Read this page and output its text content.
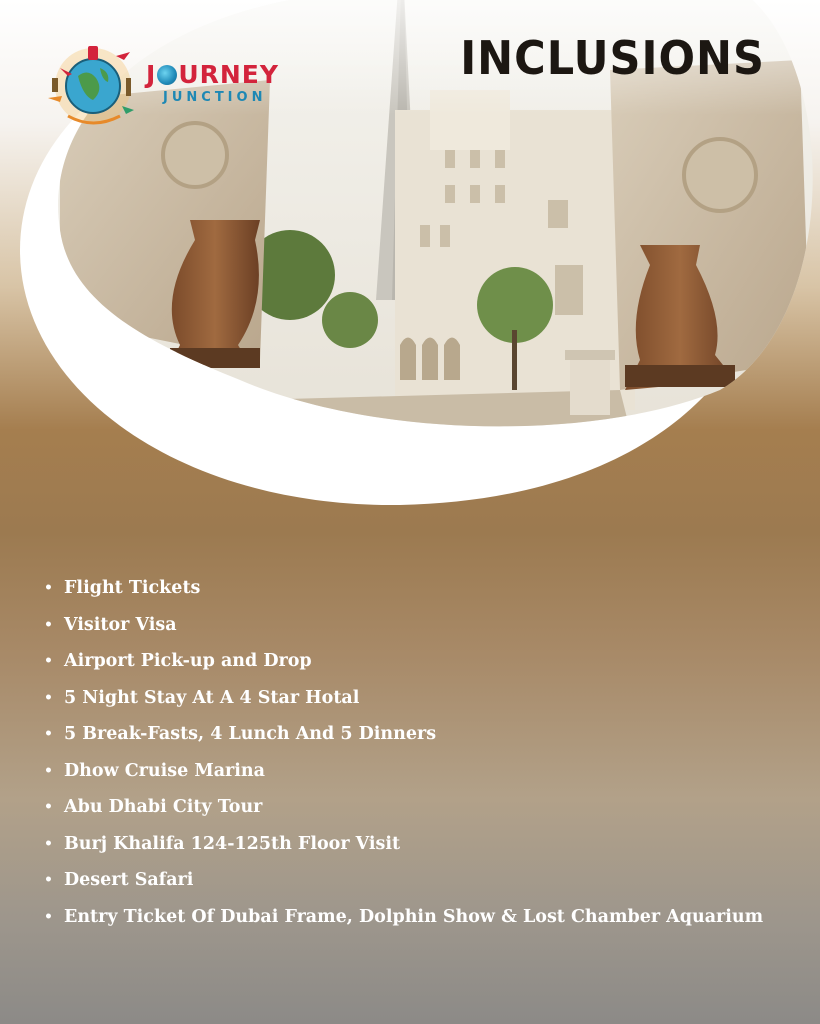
J URNEY
JUNCTION
INCLUSIONS
• Flight Tickets
• Visitor Visa
• Airport Pick-up and Drop
• 5 Night Stay At A 4 Star Hotal
• 5 Break-Fasts, 4 Lunch And 5 Dinners
• Dhow Cruise Marina
• Abu Dhabi City Tour
• Burj Khalifa 124-125th Floor Visit
• Desert Safari
• Entry Ticket Of Dubai Frame, Dolphin Show & Lost Chamber Aquarium
